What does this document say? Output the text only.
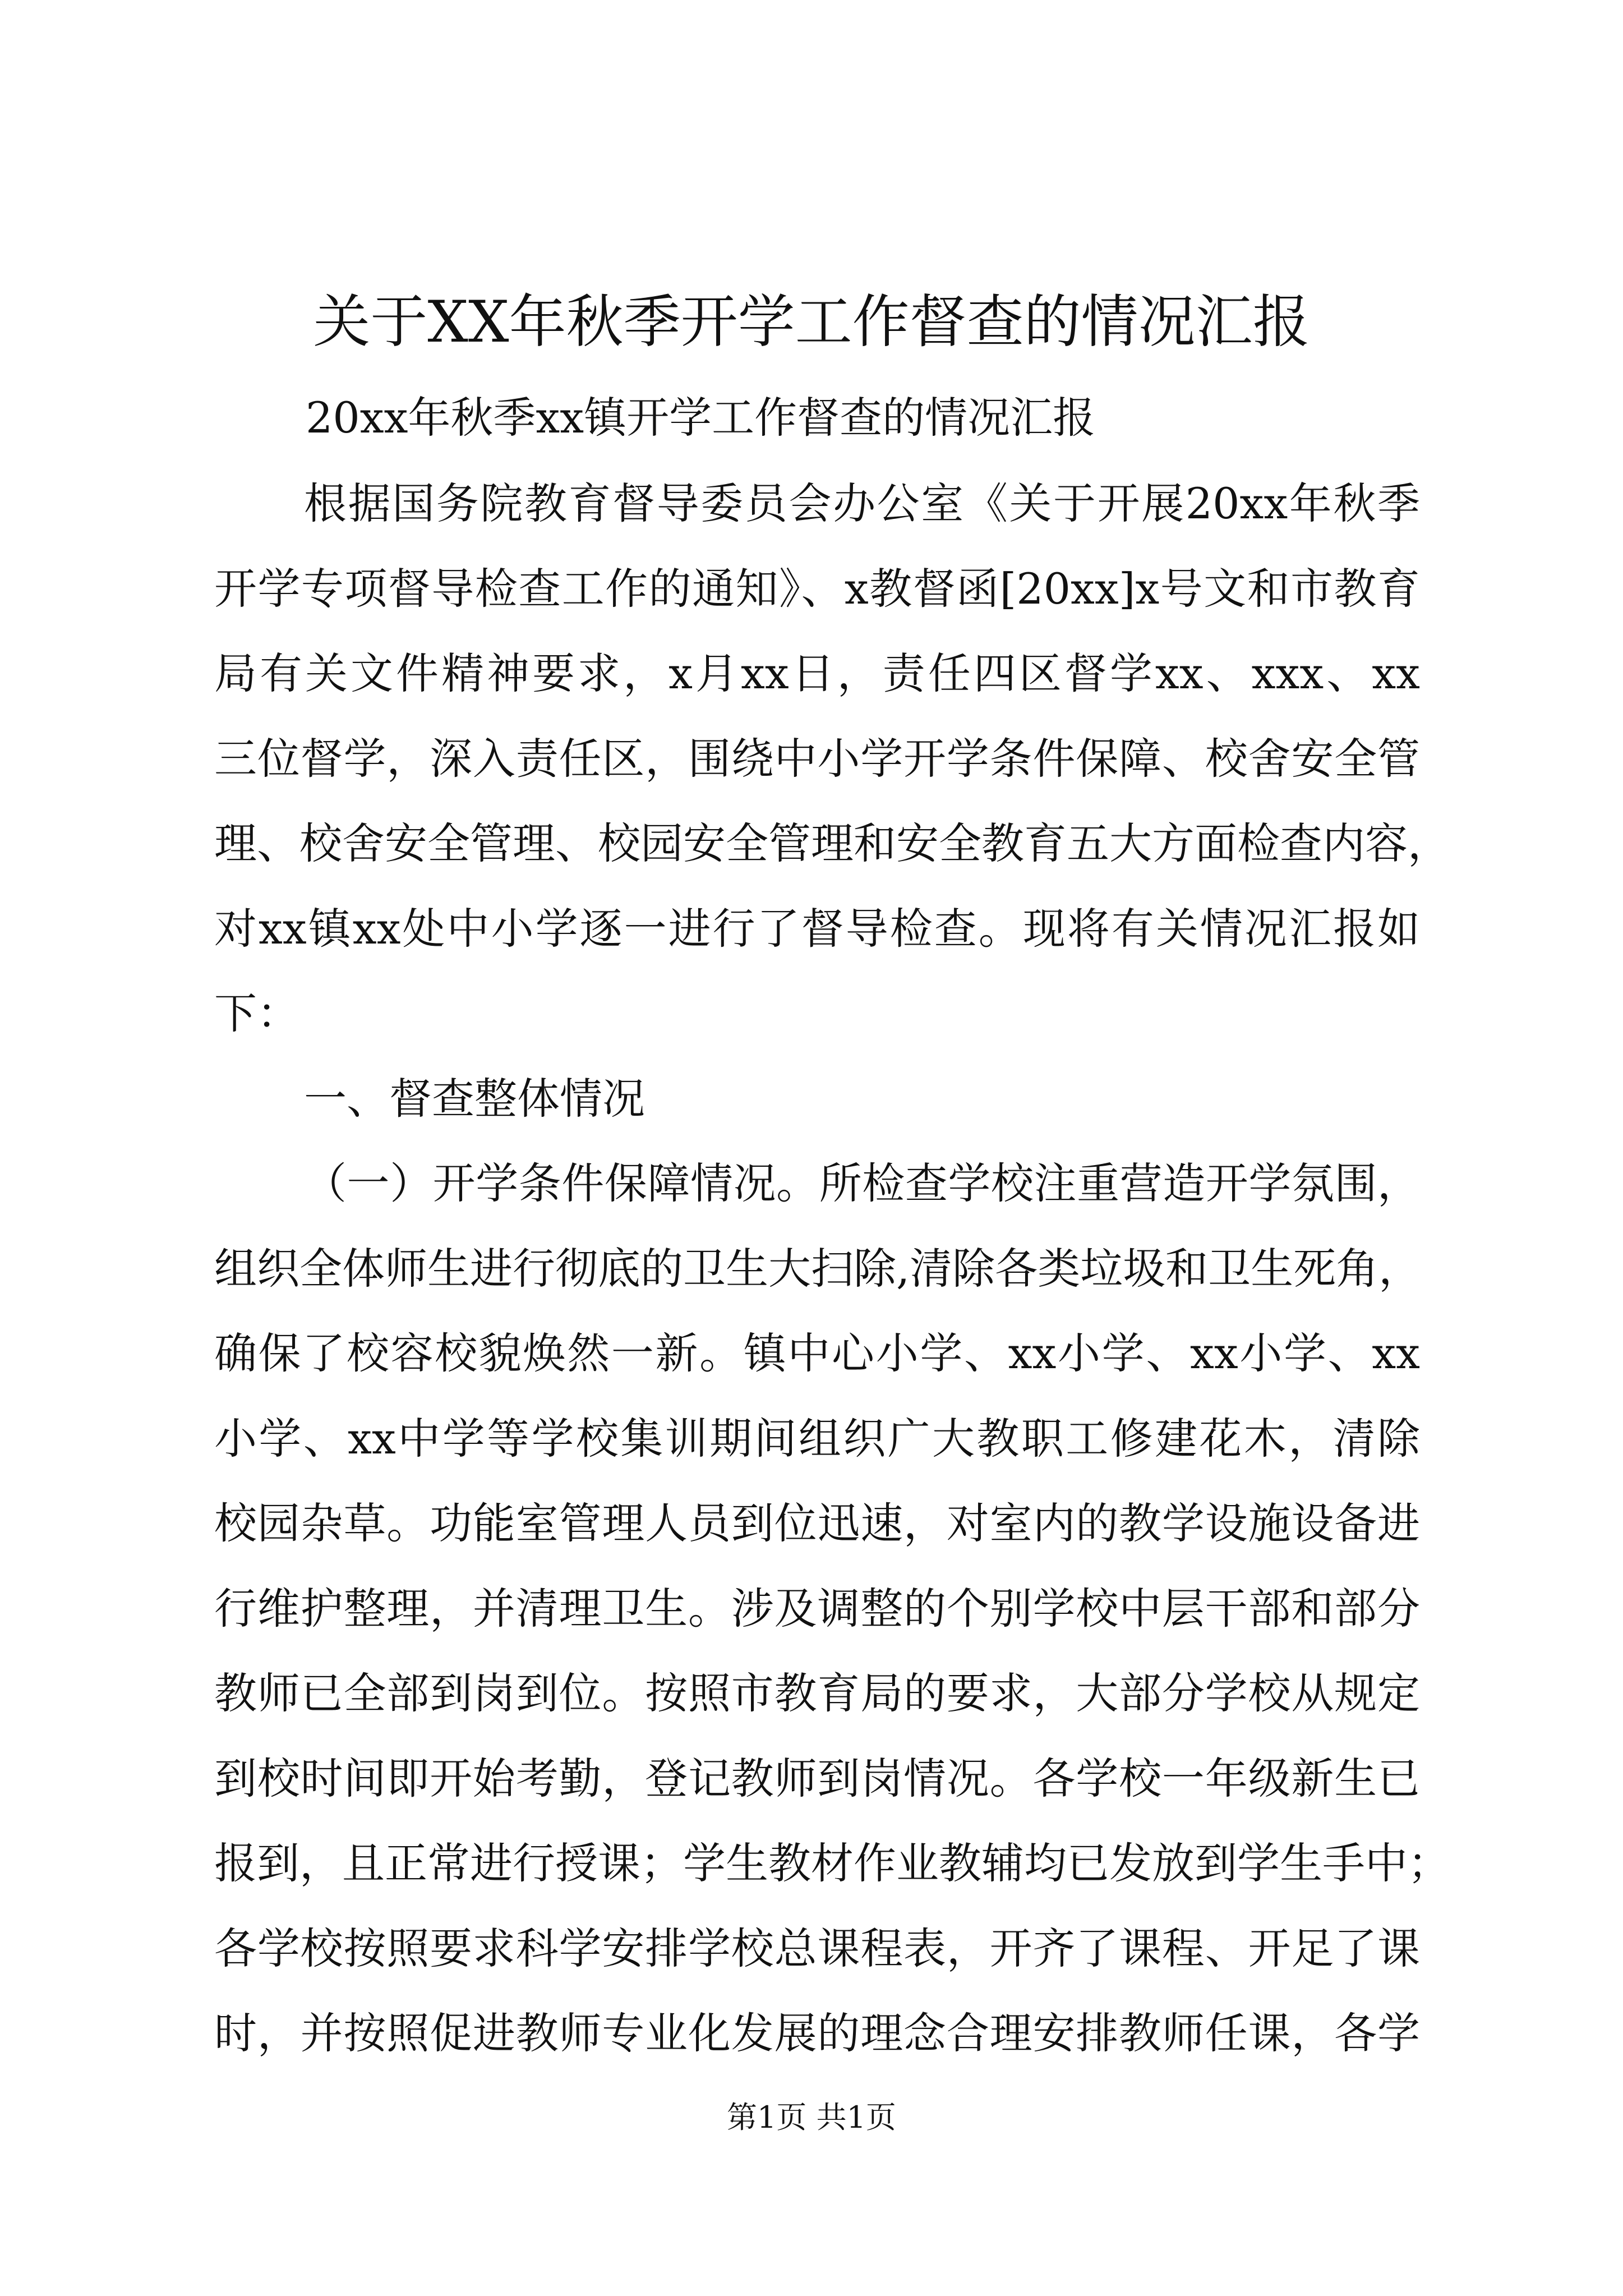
关于XX年秋季开学工作督查的情况汇报
20xx年秋季xx镇开学工作督查的情况汇报
根据国务院教育督导委员会办公室《关于开展20xx年秋季
开学专项督导检查工作的通知》、x教督函[20xx]x号文和市教育
局有关文件精神要求，x月xx日，责任四区督学xx、xxx、xx
三位督学，深入责任区，围绕中小学开学条件保障、校舍安全管
理、校舍安全管理、校园安全管理和安全教育五大方面检查内容，
对xx镇xx处中小学逐一进行了督导检查。现将有关情况汇报如
下：
一、督查整体情况
（一）开学条件保障情况。所检查学校注重营造开学氛围，
组织全体师生进行彻底的卫生大扫除,清除各类垃圾和卫生死角，
确保了校容校貌焕然一新。镇中心小学、xx小学、xx小学、xx
小学、xx中学等学校集训期间组织广大教职工修建花木，清除
校园杂草。功能室管理人员到位迅速，对室内的教学设施设备进
行维护整理，并清理卫生。涉及调整的个别学校中层干部和部分
教师已全部到岗到位。按照市教育局的要求，大部分学校从规定
到校时间即开始考勤，登记教师到岗情况。各学校一年级新生已
报到，且正常进行授课；学生教材作业教辅均已发放到学生手中；
各学校按照要求科学安排学校总课程表，开齐了课程、开足了课
时，并按照促进教师专业化发展的理念合理安排教师任课，各学
第1页 共1页
